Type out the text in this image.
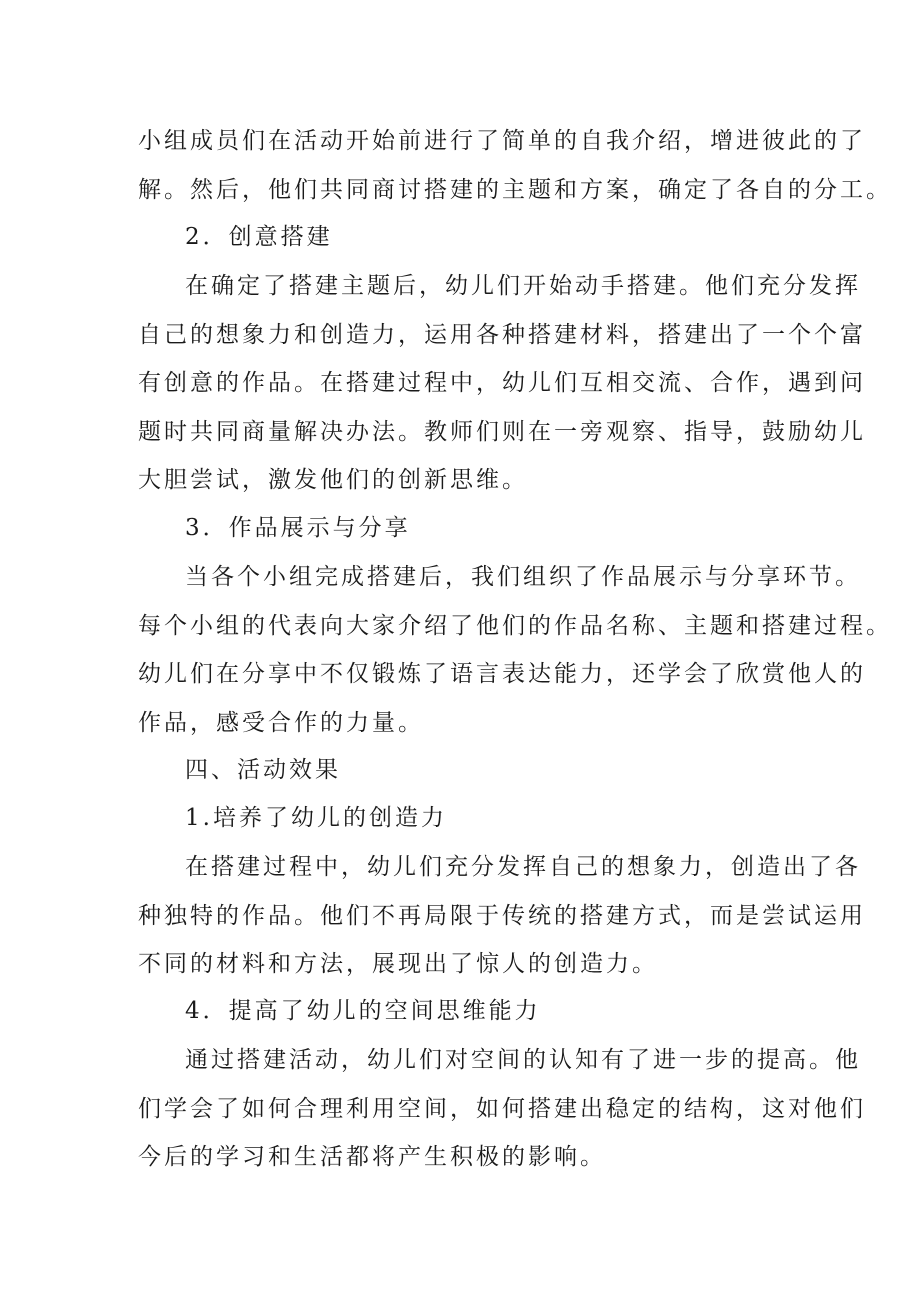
小组成员们在活动开始前进行了简单的自我介绍，增进彼此的了
解。然后，他们共同商讨搭建的主题和方案，确定了各自的分工。

2．创意搭建

在确定了搭建主题后，幼儿们开始动手搭建。他们充分发挥
自己的想象力和创造力，运用各种搭建材料，搭建出了一个个富
有创意的作品。在搭建过程中，幼儿们互相交流、合作，遇到问
题时共同商量解决办法。教师们则在一旁观察、指导，鼓励幼儿
大胆尝试，激发他们的创新思维。

3．作品展示与分享

当各个小组完成搭建后，我们组织了作品展示与分享环节。
每个小组的代表向大家介绍了他们的作品名称、主题和搭建过程。
幼儿们在分享中不仅锻炼了语言表达能力，还学会了欣赏他人的
作品，感受合作的力量。

四、活动效果

1.培养了幼儿的创造力

在搭建过程中，幼儿们充分发挥自己的想象力，创造出了各
种独特的作品。他们不再局限于传统的搭建方式，而是尝试运用
不同的材料和方法，展现出了惊人的创造力。

4．提高了幼儿的空间思维能力

通过搭建活动，幼儿们对空间的认知有了进一步的提高。他
们学会了如何合理利用空间，如何搭建出稳定的结构，这对他们
今后的学习和生活都将产生积极的影响。
